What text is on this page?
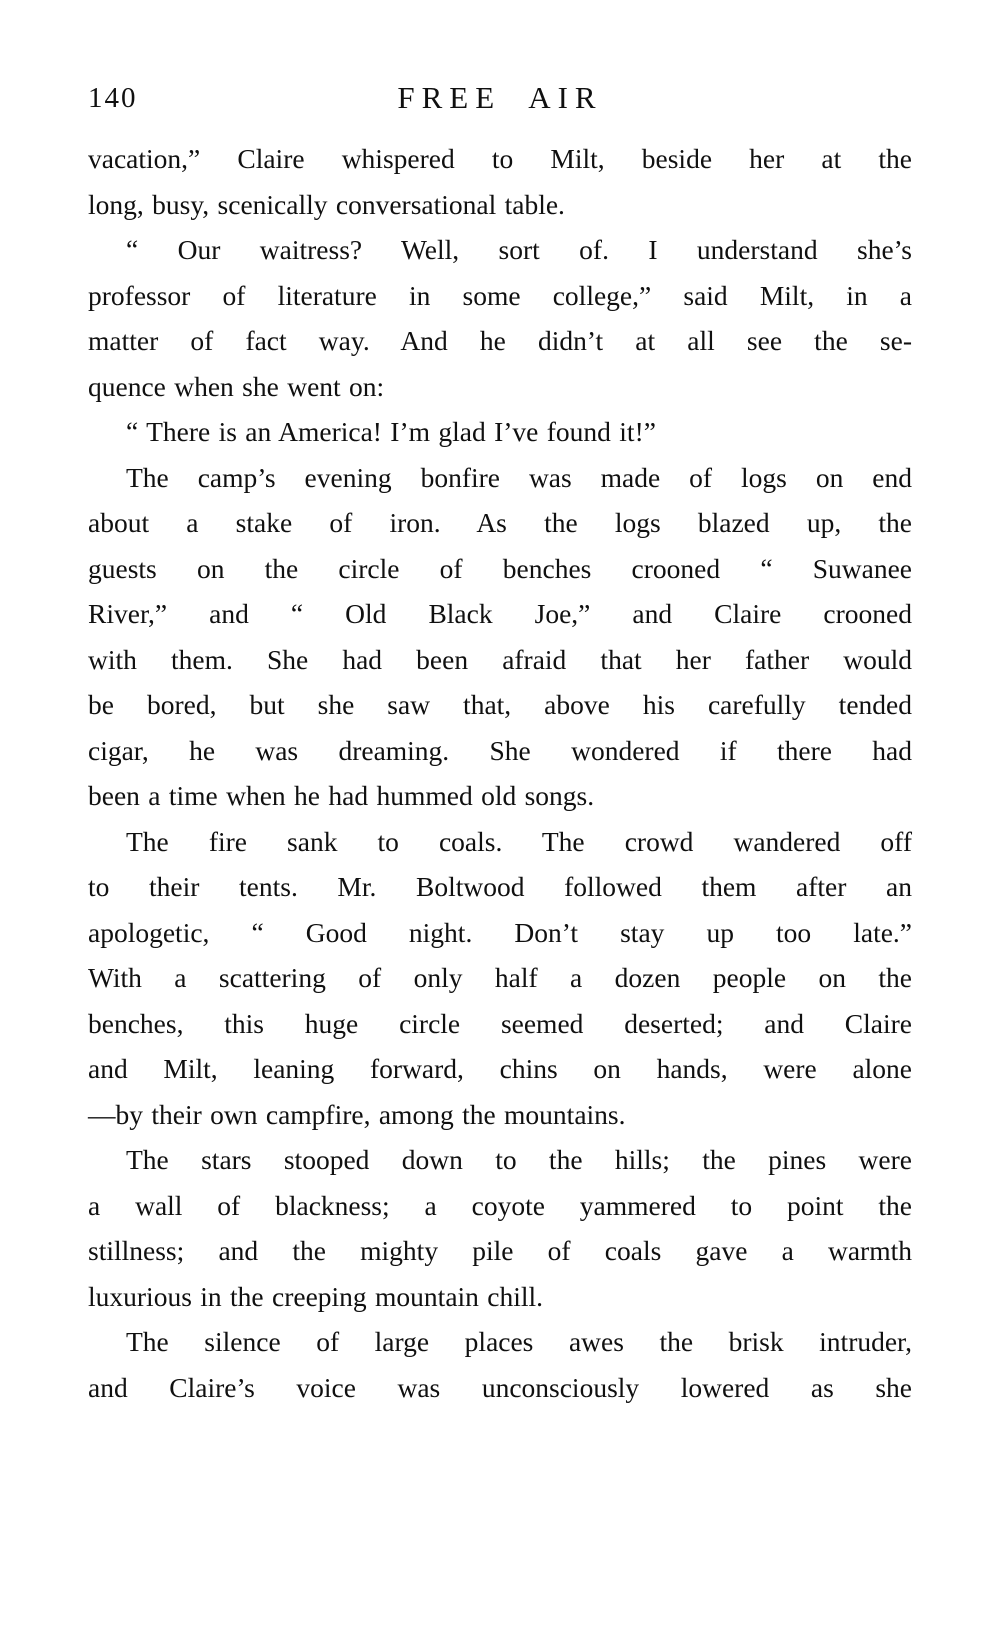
140	FREE AIR
vacation,” Claire whispered to Milt, beside her at the
long, busy, scenically conversational table.
“ Our waitress? Well, sort of. I understand she’s
professor of literature in some college,” said Milt, in a
matter of fact way. And he didn’t at all see the se-
quence when she went on:
“ There is an America! I’m glad I’ve found it!”
The camp’s evening bonfire was made of logs on end
about a stake of iron. As the logs blazed up, the
guests on the circle of benches crooned “ Suwanee
River,” and “ Old Black Joe,” and Claire crooned
with them. She had been afraid that her father would
be bored, but she saw that, above his carefully tended
cigar, he was dreaming. She wondered if there had
been a time when he had hummed old songs.
The fire sank to coals. The crowd wandered off
to their tents. Mr. Boltwood followed them after an
apologetic, “ Good night. Don’t stay up too late.”
With a scattering of only half a dozen people on the
benches, this huge circle seemed deserted; and Claire
and Milt, leaning forward, chins on hands, were alone
—by their own campfire, among the mountains.
The stars stooped down to the hills; the pines were
a wall of blackness; a coyote yammered to point the
stillness; and the mighty pile of coals gave a warmth
luxurious in the creeping mountain chill.
The silence of large places awes the brisk intruder,
and Claire’s voice was unconsciously lowered as she
